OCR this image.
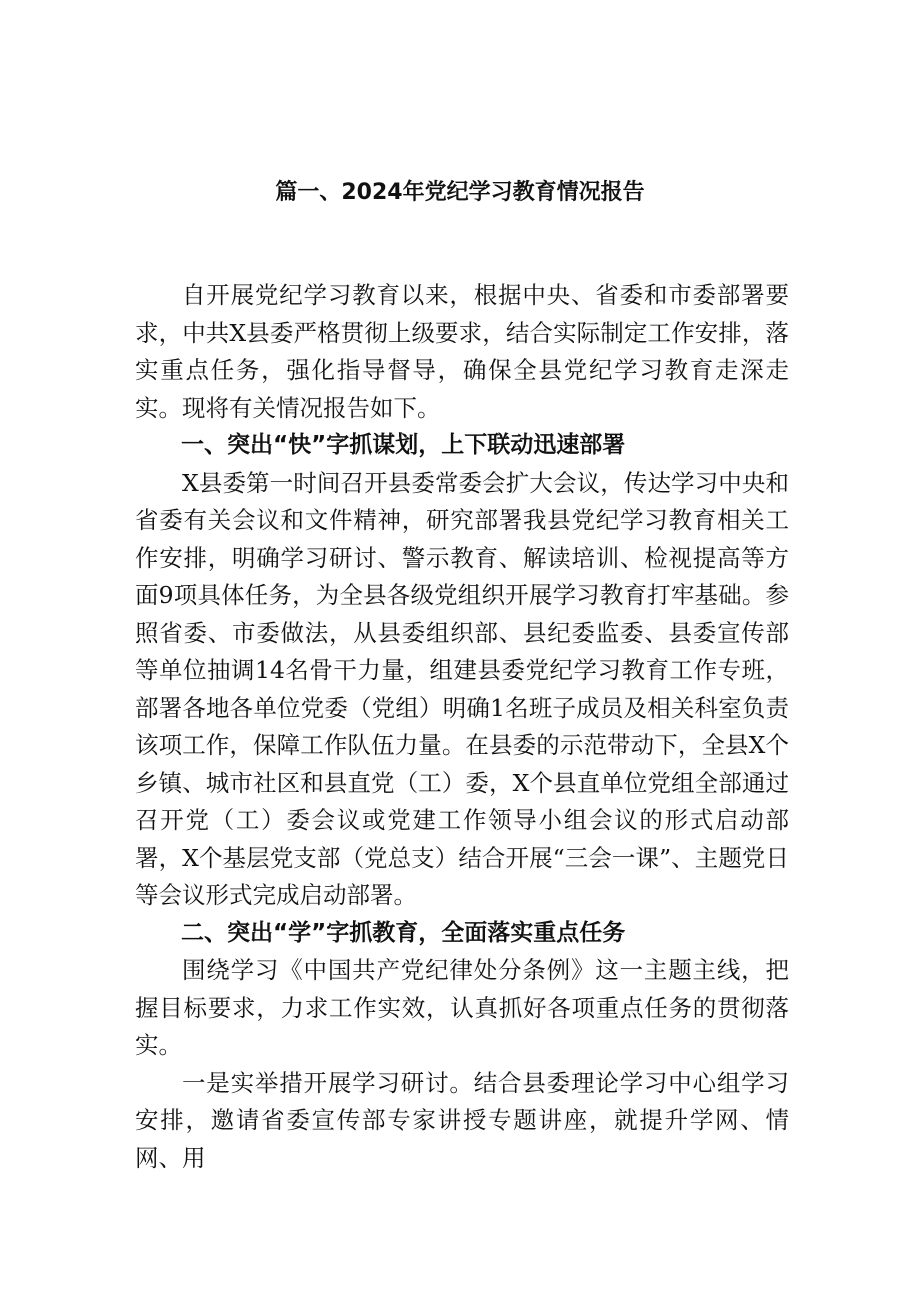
篇一、2024年党纪学习教育情况报告

自开展党纪学习教育以来，根据中央、省委和市委部署要求，中共X县委严格贯彻上级要求，结合实际制定工作安排，落实重点任务，强化指导督导，确保全县党纪学习教育走深走实。现将有关情况报告如下。

一、突出“快”字抓谋划，上下联动迅速部署

X县委第一时间召开县委常委会扩大会议，传达学习中央和省委有关会议和文件精神，研究部署我县党纪学习教育相关工作安排，明确学习研讨、警示教育、解读培训、检视提高等方面9项具体任务，为全县各级党组织开展学习教育打牢基础。参照省委、市委做法，从县委组织部、县纪委监委、县委宣传部等单位抽调14名骨干力量，组建县委党纪学习教育工作专班，部署各地各单位党委（党组）明确1名班子成员及相关科室负责该项工作，保障工作队伍力量。在县委的示范带动下，全县X个乡镇、城市社区和县直党（工）委，X个县直单位党组全部通过召开党（工）委会议或党建工作领导小组会议的形式启动部署，X个基层党支部（党总支）结合开展“三会一课”、主题党日等会议形式完成启动部署。

二、突出“学”字抓教育，全面落实重点任务

围绕学习《中国共产党纪律处分条例》这一主题主线，把握目标要求，力求工作实效，认真抓好各项重点任务的贯彻落实。

一是实举措开展学习研讨。结合县委理论学习中心组学习安排，邀请省委宣传部专家讲授专题讲座，就提升学网、情网、用
